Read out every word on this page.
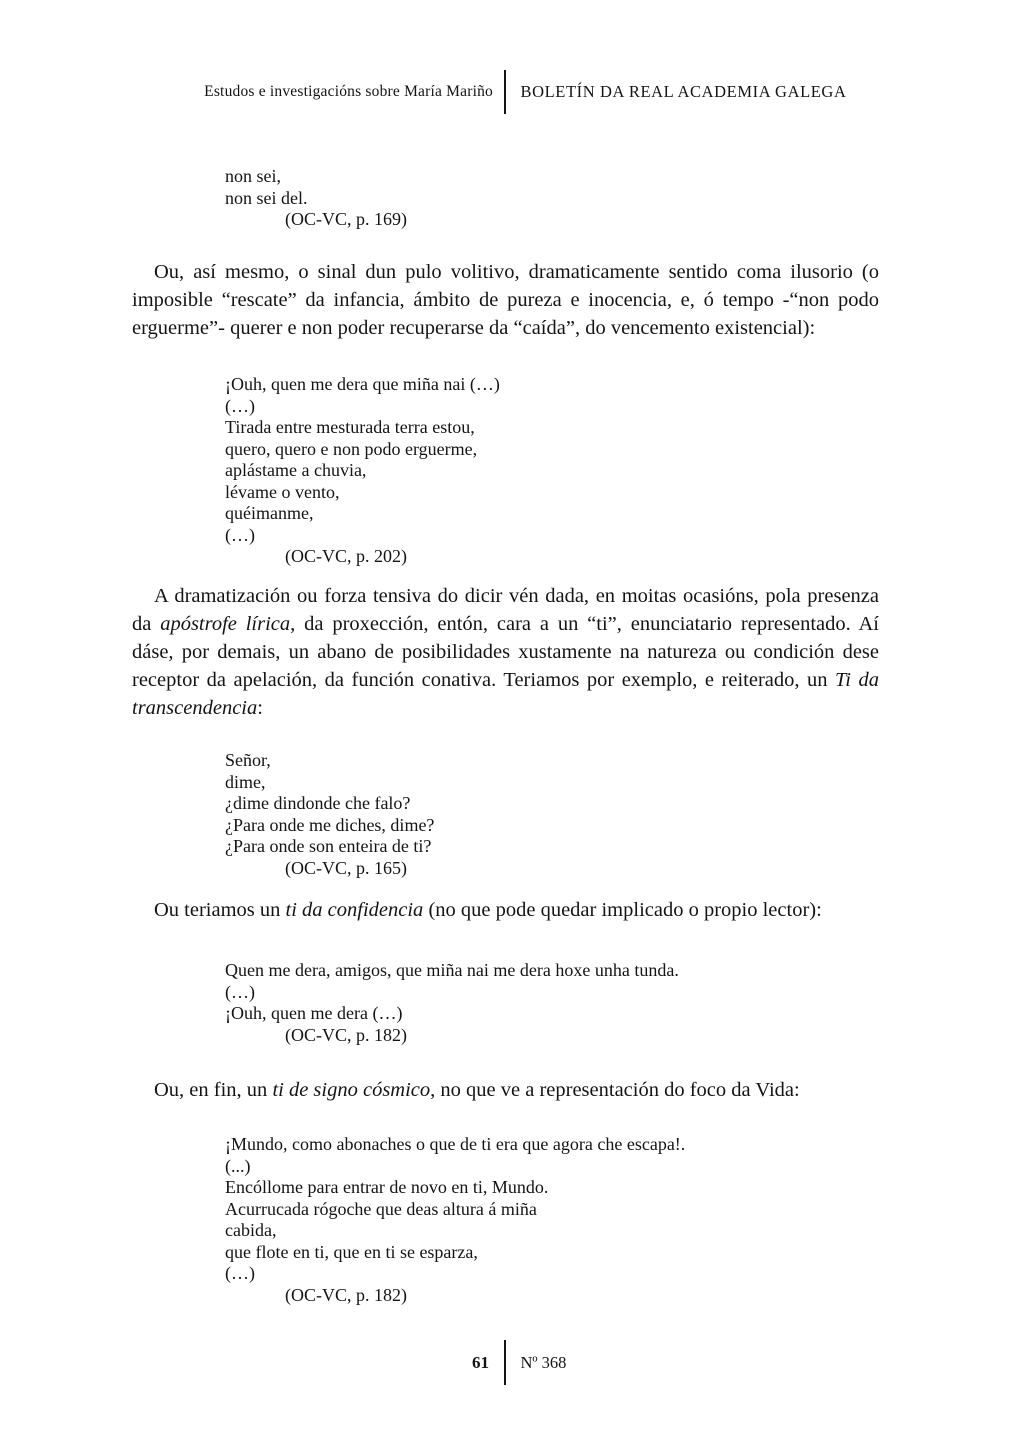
Estudos e investigacións sobre María Mariño	BOLETÍN DA REAL ACADEMIA GALEGA
non sei,
non sei del.
(OC-VC, p. 169)

Ou, así mesmo, o sinal dun pulo volitivo, dramaticamente sentido coma ilusorio (o imposible “rescate” da infancia, ámbito de pureza e inocencia, e, ó tempo -“non podo erguerme”- querer e non poder recuperarse da “caída”, do vencemento existencial):

¡Ouh, quen me dera que miña nai (…)
(…)
Tirada entre mesturada terra estou,
quero, quero e non podo erguerme,
aplástame a chuvia,
lévame o vento,
quéimanme,
(…)
(OC-VC, p. 202)

A dramatización ou forza tensiva do dicir vén dada, en moitas ocasións, pola presenza da apóstrofe lírica, da proxección, entón, cara a un “ti”, enunciatario representado. Aí dáse, por demais, un abano de posibilidades xustamente na natureza ou condición dese receptor da apelación, da función conativa. Teriamos por exemplo, e reiterado, un Ti da transcendencia:

Señor,
dime,
¿dime dindonde che falo?
¿Para onde me diches, dime?
¿Para onde son enteira de ti?
(OC-VC, p. 165)

Ou teriamos un ti da confidencia (no que pode quedar implicado o propio lector):

Quen me dera, amigos, que miña nai me dera hoxe unha tunda.
(…)
¡Ouh, quen me dera (…)
(OC-VC, p. 182)

Ou, en fin, un ti de signo cósmico, no que ve a representación do foco da Vida:

¡Mundo, como abonaches o que de ti era que agora che escapa!.
(...)
Encóllome para entrar de novo en ti, Mundo.
Acurrucada rógoche que deas altura á miña
cabida,
que flote en ti, que en ti se esparza,
(…)
(OC-VC, p. 182)
61	Nº 368
